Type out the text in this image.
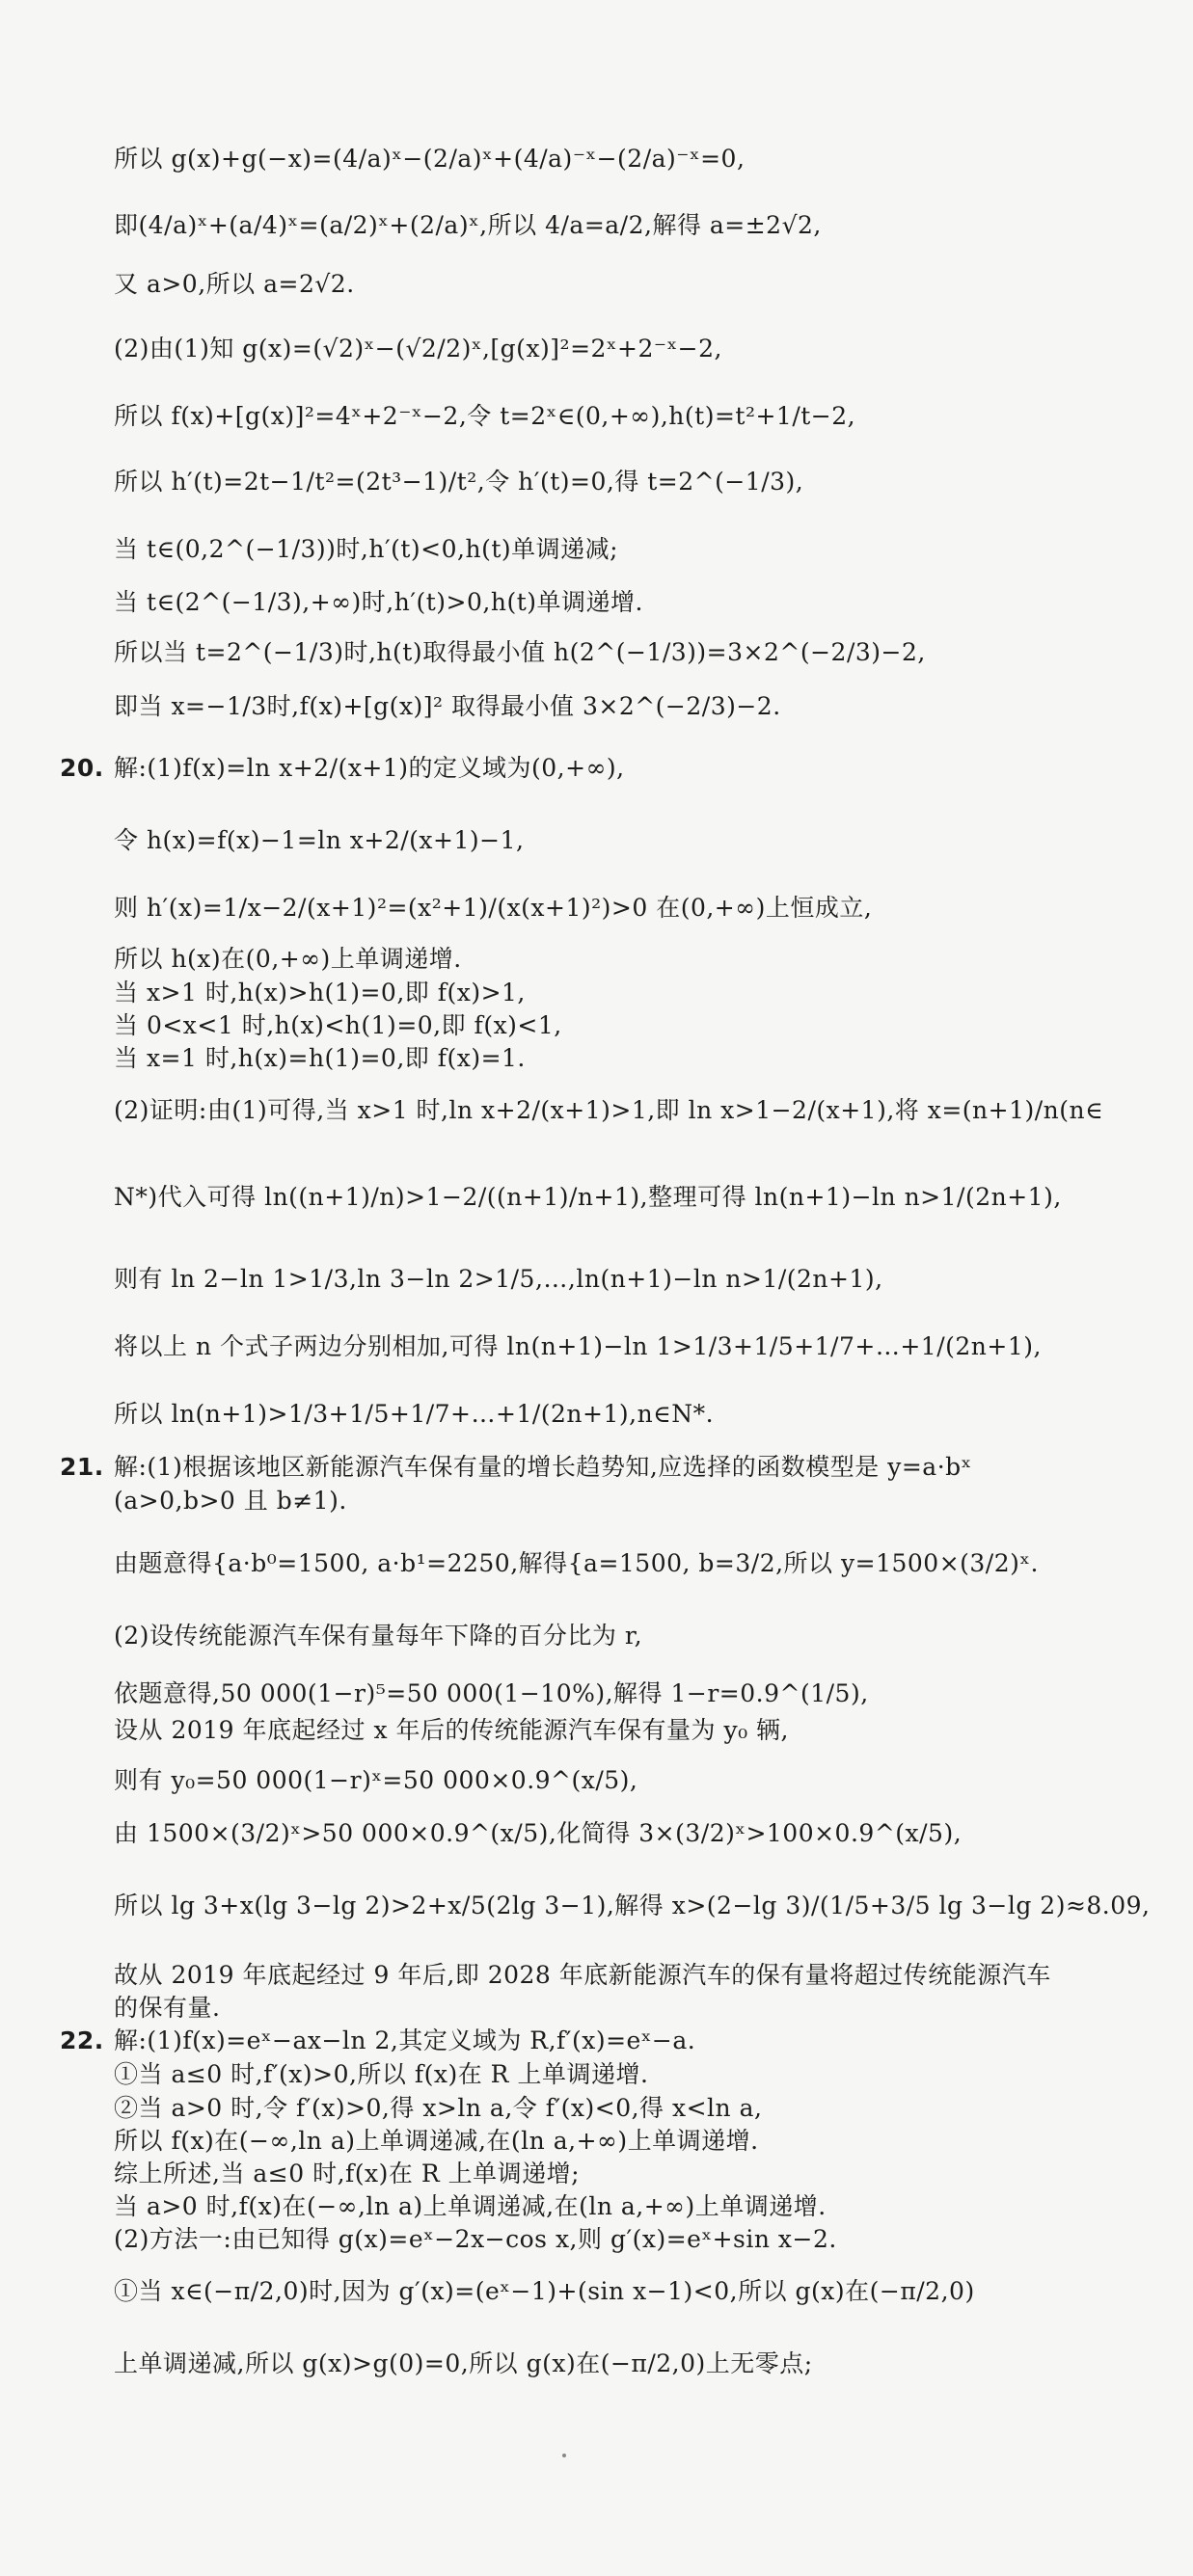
所以 g(x)+g(−x)=(4/a)ˣ−(2/a)ˣ+(4/a)⁻ˣ−(2/a)⁻ˣ=0,
即(4/a)ˣ+(a/4)ˣ=(a/2)ˣ+(2/a)ˣ,所以 4/a=a/2,解得 a=±2√2,
又 a>0,所以 a=2√2.
(2)由(1)知 g(x)=(√2)ˣ−(√2/2)ˣ,[g(x)]²=2ˣ+2⁻ˣ−2,
所以 f(x)+[g(x)]²=4ˣ+2⁻ˣ−2,令 t=2ˣ∈(0,+∞),h(t)=t²+1/t−2,
所以 h′(t)=2t−1/t²=(2t³−1)/t²,令 h′(t)=0,得 t=2^(−1/3),
当 t∈(0,2^(−1/3))时,h′(t)<0,h(t)单调递减;
当 t∈(2^(−1/3),+∞)时,h′(t)>0,h(t)单调递增.
所以当 t=2^(−1/3)时,h(t)取得最小值 h(2^(−1/3))=3×2^(−2/3)−2,
即当 x=−1/3时,f(x)+[g(x)]² 取得最小值 3×2^(−2/3)−2.
20. 解:(1)f(x)=ln x+2/(x+1)的定义域为(0,+∞),
令 h(x)=f(x)−1=ln x+2/(x+1)−1,
则 h′(x)=1/x−2/(x+1)²=(x²+1)/(x(x+1)²)>0 在(0,+∞)上恒成立,
所以 h(x)在(0,+∞)上单调递增.
当 x>1 时,h(x)>h(1)=0,即 f(x)>1,
当 0<x<1 时,h(x)<h(1)=0,即 f(x)<1,
当 x=1 时,h(x)=h(1)=0,即 f(x)=1.
(2)证明:由(1)可得,当 x>1 时,ln x+2/(x+1)>1,即 ln x>1−2/(x+1),将 x=(n+1)/n(n∈
N*)代入可得 ln((n+1)/n)>1−2/((n+1)/n+1),整理可得 ln(n+1)−ln n>1/(2n+1),
则有 ln 2−ln 1>1/3,ln 3−ln 2>1/5,…,ln(n+1)−ln n>1/(2n+1),
将以上 n 个式子两边分别相加,可得 ln(n+1)−ln 1>1/3+1/5+1/7+…+1/(2n+1),
所以 ln(n+1)>1/3+1/5+1/7+…+1/(2n+1),n∈N*.
21. 解:(1)根据该地区新能源汽车保有量的增长趋势知,应选择的函数模型是 y=a·bˣ
(a>0,b>0 且 b≠1).
由题意得{a·b⁰=1500, a·b¹=2250,解得{a=1500, b=3/2,所以 y=1500×(3/2)ˣ.
(2)设传统能源汽车保有量每年下降的百分比为 r,
依题意得,50 000(1−r)⁵=50 000(1−10%),解得 1−r=0.9^(1/5),
设从 2019 年底起经过 x 年后的传统能源汽车保有量为 y₀ 辆,
则有 y₀=50 000(1−r)ˣ=50 000×0.9^(x/5),
由 1500×(3/2)ˣ>50 000×0.9^(x/5),化简得 3×(3/2)ˣ>100×0.9^(x/5),
所以 lg 3+x(lg 3−lg 2)>2+x/5(2lg 3−1),解得 x>(2−lg 3)/(1/5+3/5 lg 3−lg 2)≈8.09,
故从 2019 年底起经过 9 年后,即 2028 年底新能源汽车的保有量将超过传统能源汽车
的保有量.
22. 解:(1)f(x)=eˣ−ax−ln 2,其定义域为 R,f′(x)=eˣ−a.
①当 a≤0 时,f′(x)>0,所以 f(x)在 R 上单调递增.
②当 a>0 时,令 f′(x)>0,得 x>ln a,令 f′(x)<0,得 x<ln a,
所以 f(x)在(−∞,ln a)上单调递减,在(ln a,+∞)上单调递增.
综上所述,当 a≤0 时,f(x)在 R 上单调递增;
当 a>0 时,f(x)在(−∞,ln a)上单调递减,在(ln a,+∞)上单调递增.
(2)方法一:由已知得 g(x)=eˣ−2x−cos x,则 g′(x)=eˣ+sin x−2.
①当 x∈(−π/2,0)时,因为 g′(x)=(eˣ−1)+(sin x−1)<0,所以 g(x)在(−π/2,0)
上单调递减,所以 g(x)>g(0)=0,所以 g(x)在(−π/2,0)上无零点;
